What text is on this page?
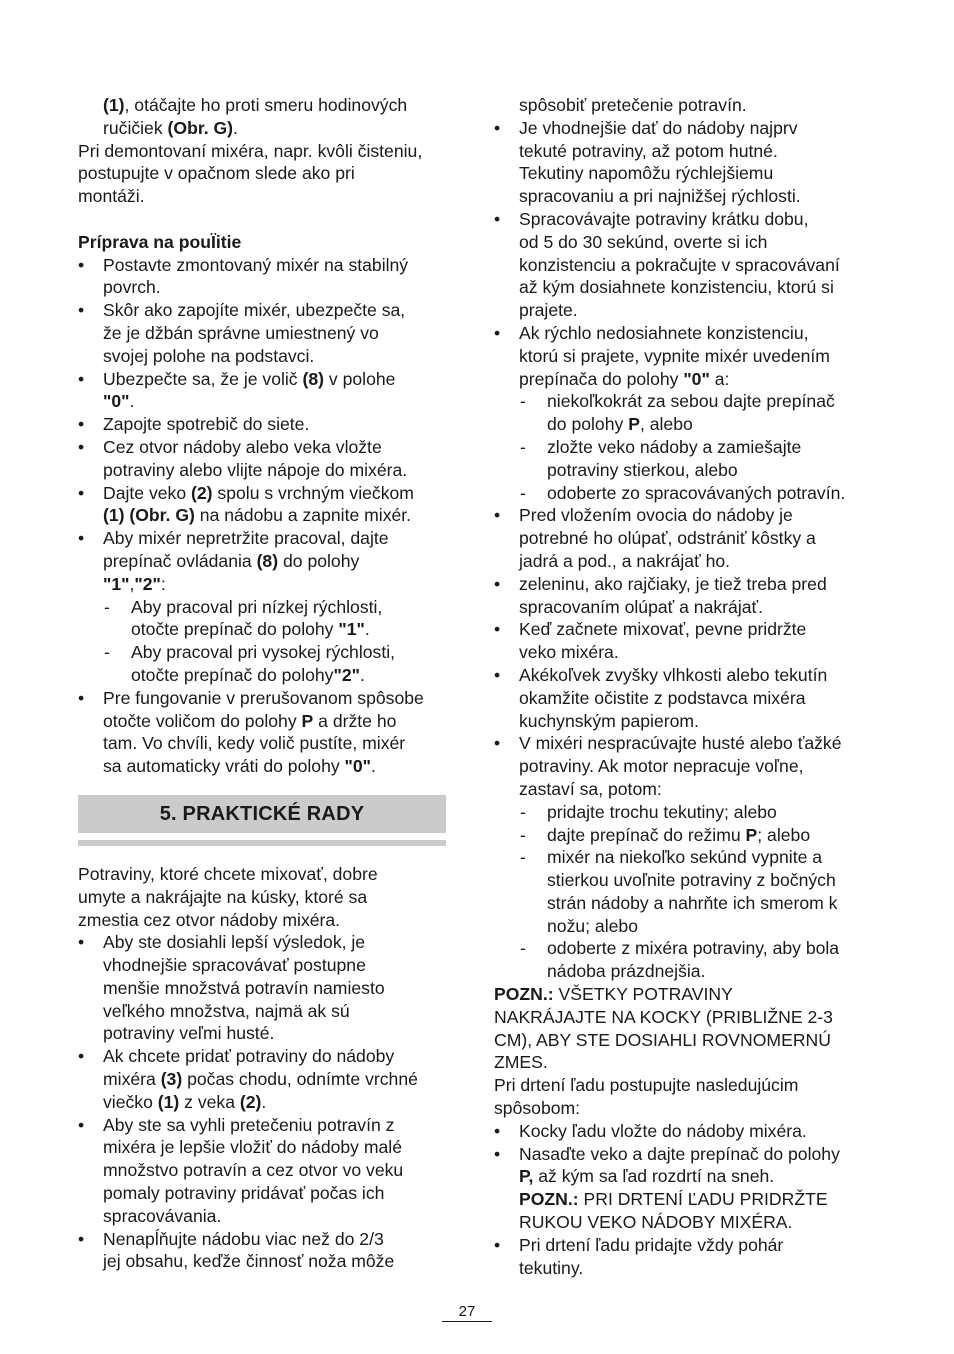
(1), otáčajte ho proti smeru hodinových
ručičiek (Obr. G).
Pri demontovaní mixéra, napr. kvôli čisteniu,
postupujte v opačnom slede ako pri
montáži.

Príprava na pouÏitie

• Postavte zmontovaný mixér na stabilný
povrch.
• Skôr ako zapojíte mixér, ubezpečte sa,
že je džbán správne umiestnený vo
svojej polohe na podstavci.
• Ubezpečte sa, že je volič (8) v polohe
"0".
• Zapojte spotrebič do siete.
• Cez otvor nádoby alebo veka vložte
potraviny alebo vlijte nápoje do mixéra.
• Dajte veko (2) spolu s vrchným viečkom
(1) (Obr. G) na nádobu a zapnite mixér.
• Aby mixér nepretržite pracoval, dajte
prepínač ovládania (8) do polohy
"1","2":
- Aby pracoval pri nízkej rýchlosti,
otočte prepínač do polohy "1".
- Aby pracoval pri vysokej rýchlosti,
otočte prepínač do polohy"2".
• Pre fungovanie v prerušovanom spôsobe
otočte voličom do polohy P a držte ho
tam. Vo chvíli, kedy volič pustíte, mixér
sa automaticky vráti do polohy "0".
5. PRAKTICKÉ RADY
Potraviny, ktoré chcete mixovať, dobre
umyte a nakrájajte na kúsky, ktoré sa
zmestia cez otvor nádoby mixéra.
• Aby ste dosiahli lepší výsledok, je
vhodnejšie spracovávať postupne
menšie množstvá potravín namiesto
veľkého množstva, najmä ak sú
potraviny veľmi husté.
• Ak chcete pridať potraviny do nádoby
mixéra (3) počas chodu, odnímte vrchné
viečko (1) z veka (2).
• Aby ste sa vyhli pretečeniu potravín z
mixéra je lepšie vložiť do nádoby malé
množstvo potravín a cez otvor vo veku
pomaly potraviny pridávať počas ich
spracovávania.
• Nenapĺňujte nádobu viac než do 2/3
jej obsahu, keďže činnosť noža môže
spôsobiť pretečenie potravín.
• Je vhodnejšie dať do nádoby najprv
tekuté potraviny, až potom hutné.
Tekutiny napomôžu rýchlejšiemu
spracovaniu a pri najnižšej rýchlosti.
• Spracovávajte potraviny krátku dobu,
od 5 do 30 sekúnd, overte si ich
konzistenciu a pokračujte v spracovávaní
až kým dosiahnete konzistenciu, ktorú si
prajete.
• Ak rýchlo nedosiahnete konzistenciu,
ktorú si prajete, vypnite mixér uvedením
prepínača do polohy "0" a:
- niekoľkokrát za sebou dajte prepínač
do polohy P, alebo
- zložte veko nádoby a zamiešajte
potraviny stierkou, alebo
- odoberte zo spracovávaných potravín.
• Pred vložením ovocia do nádoby je
potrebné ho olúpať, odstrániť kôstky a
jadrá a pod., a nakrájať ho.
• zeleninu, ako rajčiaky, je tiež treba pred
spracovaním olúpať a nakrájať.
• Keď začnete mixovať, pevne pridržte
veko mixéra.
• Akékoľvek zvyšky vlhkosti alebo tekutín
okamžite očistite z podstavca mixéra
kuchynským papierom.
• V mixéri nespracúvajte husté alebo ťažké
potraviny. Ak motor nepracuje voľne,
zastaví sa, potom:
- pridajte trochu tekutiny; alebo
- dajte prepínač do režimu P; alebo
- mixér na niekoľko sekúnd vypnite a
stierkou uvoľnite potraviny z bočných
strán nádoby a nahrňte ich smerom k
nožu; alebo
- odoberte z mixéra potraviny, aby bola
nádoba prázdnejšia.
POZN.: VŠETKY POTRAVINY
NAKRÁJAJTE NA KOCKY (PRIBLIŽNE 2-3
CM), ABY STE DOSIAHLI ROVNOMERNÚ
ZMES.
Pri drtení ľadu postupujte nasledujúcim
spôsobom:
• Kocky ľadu vložte do nádoby mixéra.
• Nasaďte veko a dajte prepínač do polohy
P, až kým sa ľad rozdrtí na sneh.
POZN.: PRI DRTENÍ ĽADU PRIDRŽTE
RUKOU VEKO NÁDOBY MIXÉRA.
• Pri drtení ľadu pridajte vždy pohár
tekutiny.
27
